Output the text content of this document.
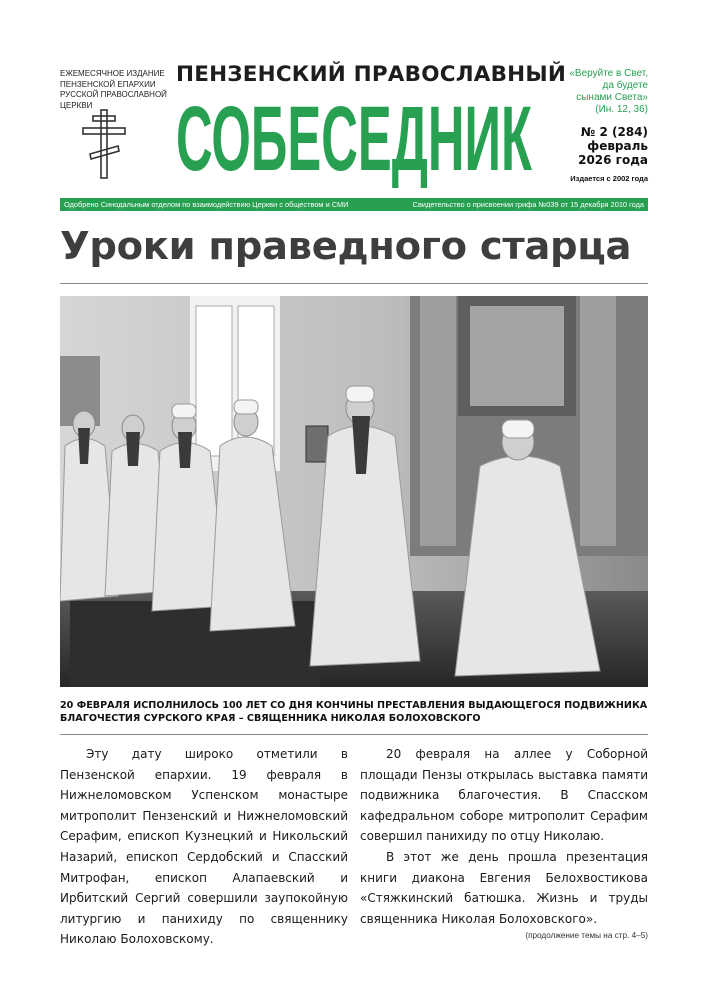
ЕЖЕМЕСЯЧНОЕ ИЗДАНИЕ ПЕНЗЕНСКОЙ ЕПАРХИИ РУССКОЙ ПРАВОСЛАВНОЙ ЦЕРКВИ
ПЕНЗЕНСКИЙ ПРАВОСЛАВНЫЙ
СОБЕСЕДНИК
«Веруйте в Свет,
да будете
сынами Света»
(Ин. 12, 36)
№ 2 (284)
февраль
2026 года
Издается с 2002 года
Одобрено Синодальным отделом по взаимодействию Церкви с обществом и СМИ	Свидетельство о присвоении грифа №039 от 15 декабря 2010 года
Уроки праведного старца
20 ФЕВРАЛЯ ИСПОЛНИЛОСЬ 100 ЛЕТ СО ДНЯ КОНЧИНЫ ПРЕСТАВЛЕНИЯ ВЫДАЮЩЕГОСЯ ПОДВИЖНИКА БЛАГОЧЕСТИЯ СУРСКОГО КРАЯ – СВЯЩЕННИКА НИКОЛАЯ БОЛОХОВСКОГО

Эту дату широко отметили в Пензенской епархии. 19 февраля в Нижнеломовском Успенском монастыре митрополит Пензенский и Нижнеломовский Серафим, епископ Кузнецкий и Никольский Назарий, епископ Сердобский и Спасский Митрофан, епископ Алапаевский и Ирбитский Сергий совершили заупокойную литургию и панихиду по священнику Николаю Болоховскому.

20 февраля на аллее у Соборной площади Пензы открылась выставка памяти подвижника благочестия. В Спасском кафедральном соборе митрополит Серафим совершил панихиду по отцу Николаю.

В этот же день прошла презентация книги диакона Евгения Белохвостикова «Стяжкинский батюшка. Жизнь и труды священника Николая Болоховского».

(продолжение темы на стр. 4–5)
